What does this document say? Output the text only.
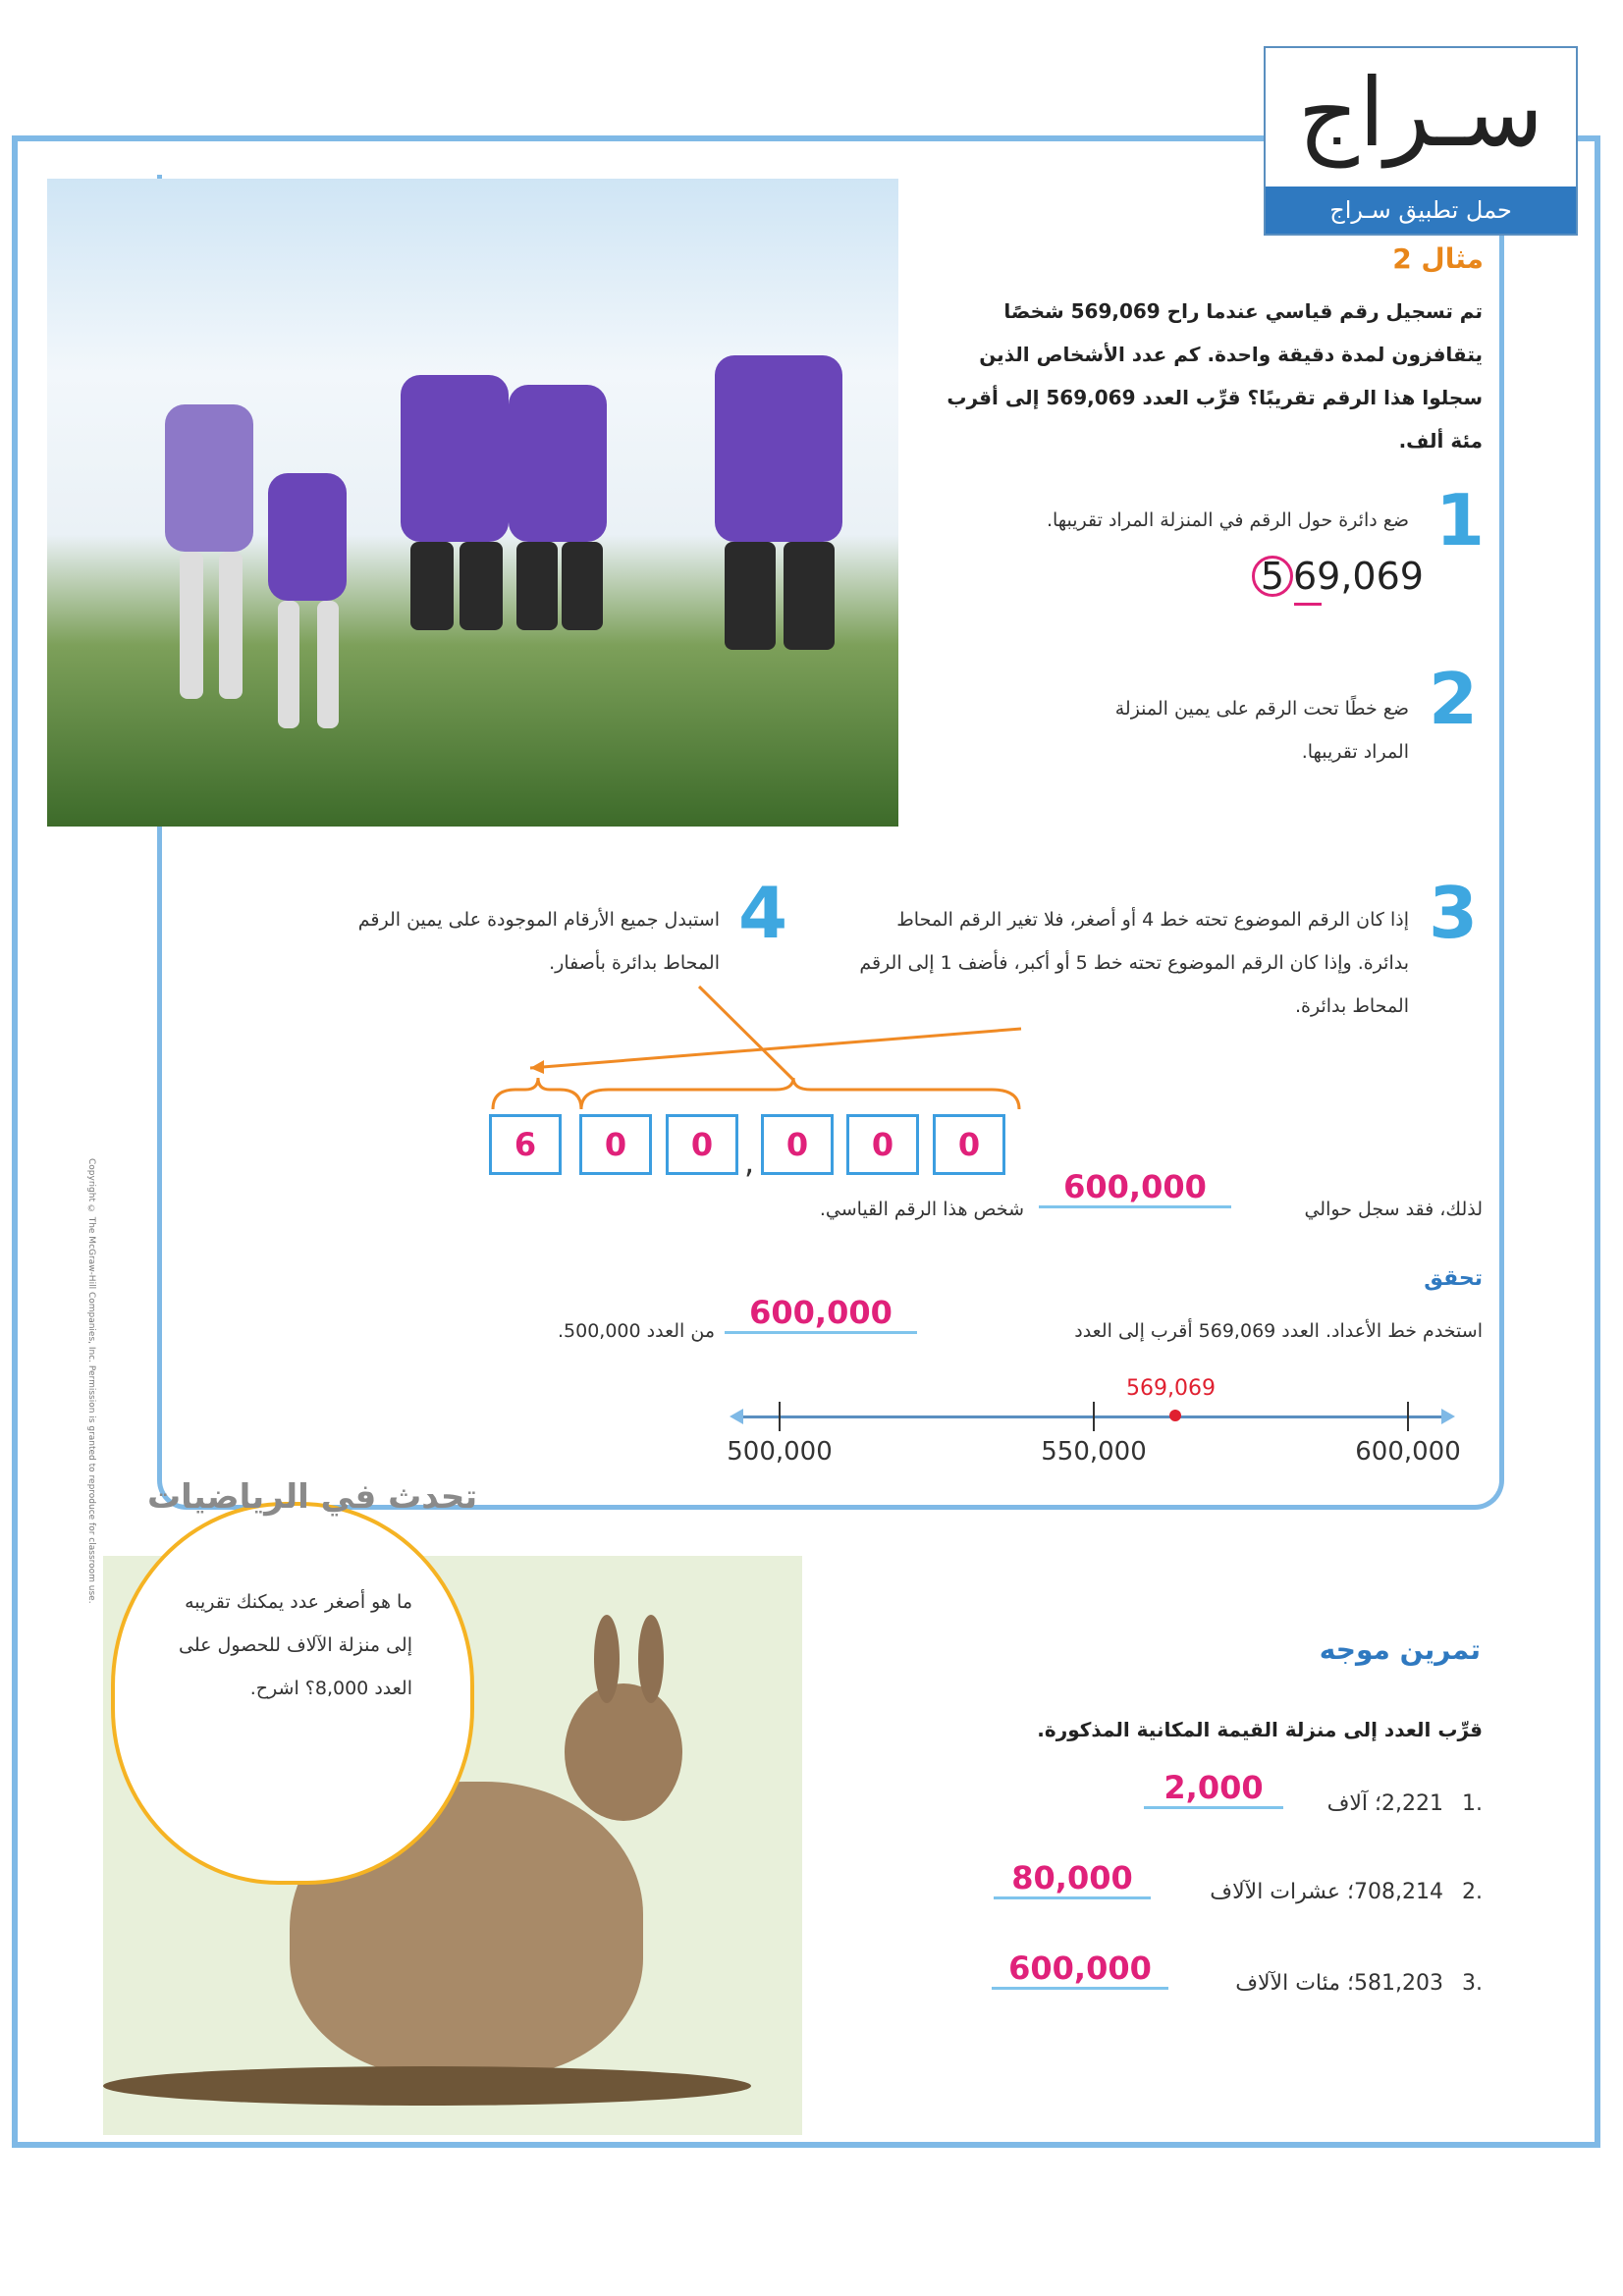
سـراج
حمل تطبيق سـراج
مثال 2
تم تسجيل رقم قياسي عندما راح 569,069 شخصًا يتقافزون لمدة دقيقة واحدة. كم عدد الأشخاص الذين سجلوا هذا الرقم تقريبًا؟ قرِّب العدد 569,069 إلى أقرب مئة ألف.
1
ضع دائرة حول الرقم في المنزلة المراد تقريبها.
5 69,069
2
ضع خطًا تحت الرقم على يمين المنزلة المراد تقريبها.
3
إذا كان الرقم الموضوع تحته خط 4 أو أصغر، فلا تغير الرقم المحاط بدائرة. وإذا كان الرقم الموضوع تحته خط 5 أو أكبر، فأضف 1 إلى الرقم المحاط بدائرة.
4
استبدل جميع الأرقام الموجودة على يمين الرقم المحاط بدائرة بأصفار.
6	0	0 ,	0	0	0
لذلك، فقد سجل حوالي
600,000
شخص هذا الرقم القياسي.
تحقق
استخدم خط الأعداد. العدد 569,069 أقرب إلى العدد
600,000
من العدد 500,000.
500,000	550,000	600,000
569,069
تحدث في الرياضيات
ما هو أصغر عدد يمكنك تقريبه إلى منزلة الآلاف للحصول على العدد 8,000؟ اشرح.
تمرين موجه
قرِّب العدد إلى منزلة القيمة المكانية المذكورة.
1.
2,221؛ آلاف
2,000
2.
708,214؛ عشرات الآلاف
80,000
3.
581,203؛ مئات الآلاف
600,000
Copyright © The McGraw-Hill Companies, Inc. Permission is granted to reproduce for classroom use.
